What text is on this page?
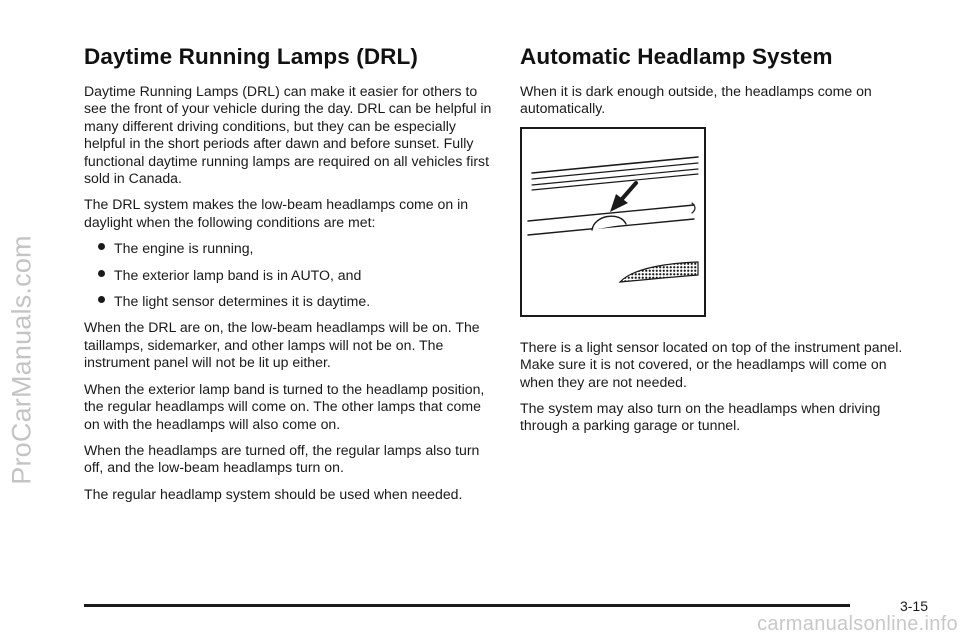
ProCarManuals.com
Daytime Running Lamps (DRL)

Daytime Running Lamps (DRL) can make it easier for others to see the front of your vehicle during the day. DRL can be helpful in many different driving conditions, but they can be especially helpful in the short periods after dawn and before sunset. Fully functional daytime running lamps are required on all vehicles first sold in Canada.

The DRL system makes the low-beam headlamps come on in daylight when the following conditions are met:

The engine is running,
The exterior lamp band is in AUTO, and
The light sensor determines it is daytime.

When the DRL are on, the low-beam headlamps will be on. The taillamps, sidemarker, and other lamps will not be on. The instrument panel will not be lit up either.

When the exterior lamp band is turned to the headlamp position, the regular headlamps will come on. The other lamps that come on with the headlamps will also come on.

When the headlamps are turned off, the regular lamps also turn off, and the low-beam headlamps turn on.

The regular headlamp system should be used when needed.

Automatic Headlamp System

When it is dark enough outside, the headlamps come on automatically.

There is a light sensor located on top of the instrument panel. Make sure it is not covered, or the headlamps will come on when they are not needed.

The system may also turn on the headlamps when driving through a parking garage or tunnel.

3-15
carmanualsonline.info
